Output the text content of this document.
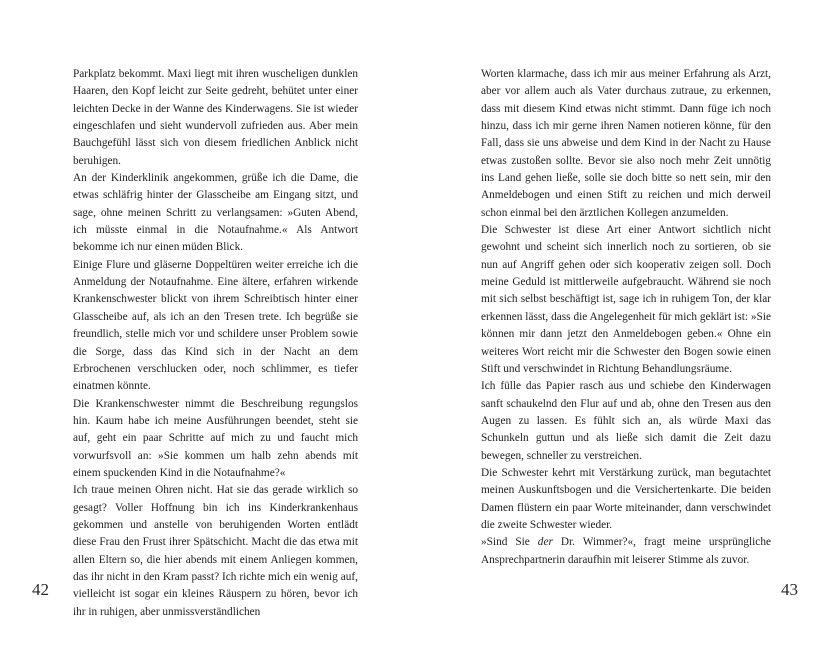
Parkplatz bekommt. Maxi liegt mit ihren wuscheligen dunklen Haaren, den Kopf leicht zur Seite gedreht, behütet unter einer leichten Decke in der Wanne des Kinderwagens. Sie ist wieder eingeschlafen und sieht wundervoll zufrieden aus. Aber mein Bauchgefühl lässt sich von diesem friedlichen Anblick nicht beruhigen.

An der Kinderklinik angekommen, grüße ich die Dame, die etwas schläfrig hinter der Glasscheibe am Eingang sitzt, und sage, ohne meinen Schritt zu verlangsamen: »Guten Abend, ich müsste einmal in die Notaufnahme.« Als Antwort bekomme ich nur einen müden Blick.

Einige Flure und gläserne Doppeltüren weiter erreiche ich die Anmeldung der Notaufnahme. Eine ältere, erfahren wirkende Krankenschwester blickt von ihrem Schreibtisch hinter einer Glasscheibe auf, als ich an den Tresen trete. Ich begrüße sie freundlich, stelle mich vor und schildere unser Problem sowie die Sorge, dass das Kind sich in der Nacht an dem Erbrochenen verschlucken oder, noch schlimmer, es tiefer einatmen könnte.

Die Krankenschwester nimmt die Beschreibung regungslos hin. Kaum habe ich meine Ausführungen beendet, steht sie auf, geht ein paar Schritte auf mich zu und faucht mich vorwurfsvoll an: »Sie kommen um halb zehn abends mit einem spuckenden Kind in die Notaufnahme?«

Ich traue meinen Ohren nicht. Hat sie das gerade wirklich so gesagt? Voller Hoffnung bin ich ins Kinderkrankenhaus gekommen und anstelle von beruhigenden Worten entlädt diese Frau den Frust ihrer Spätschicht. Macht die das etwa mit allen Eltern so, die hier abends mit einem Anliegen kommen, das ihr nicht in den Kram passt? Ich richte mich ein wenig auf, vielleicht ist sogar ein kleines Räuspern zu hören, bevor ich ihr in ruhigen, aber unmissverständlichen

42

Worten klarmache, dass ich mir aus meiner Erfahrung als Arzt, aber vor allem auch als Vater durchaus zutraue, zu erkennen, dass mit diesem Kind etwas nicht stimmt. Dann füge ich noch hinzu, dass ich mir gerne ihren Namen notieren könne, für den Fall, dass sie uns abweise und dem Kind in der Nacht zu Hause etwas zustoßen sollte. Bevor sie also noch mehr Zeit unnötig ins Land gehen ließe, solle sie doch bitte so nett sein, mir den Anmeldebogen und einen Stift zu reichen und mich derweil schon einmal bei den ärztlichen Kollegen anzumelden.

Die Schwester ist diese Art einer Antwort sichtlich nicht gewohnt und scheint sich innerlich noch zu sortieren, ob sie nun auf Angriff gehen oder sich kooperativ zeigen soll. Doch meine Geduld ist mittlerweile aufgebraucht. Während sie noch mit sich selbst beschäftigt ist, sage ich in ruhigem Ton, der klar erkennen lässt, dass die Angelegenheit für mich geklärt ist: »Sie können mir dann jetzt den Anmeldebogen geben.« Ohne ein weiteres Wort reicht mir die Schwester den Bogen sowie einen Stift und verschwindet in Richtung Behandlungsräume.

Ich fülle das Papier rasch aus und schiebe den Kinderwagen sanft schaukelnd den Flur auf und ab, ohne den Tresen aus den Augen zu lassen. Es fühlt sich an, als würde Maxi das Schunkeln guttun und als ließe sich damit die Zeit dazu bewegen, schneller zu verstreichen.

Die Schwester kehrt mit Verstärkung zurück, man begutachtet meinen Auskunftsbogen und die Versichertenkarte. Die beiden Damen flüstern ein paar Worte miteinander, dann verschwindet die zweite Schwester wieder.

»Sind Sie der Dr. Wimmer?«, fragt meine ursprüngliche Ansprechpartnerin daraufhin mit leiserer Stimme als zuvor.

43
